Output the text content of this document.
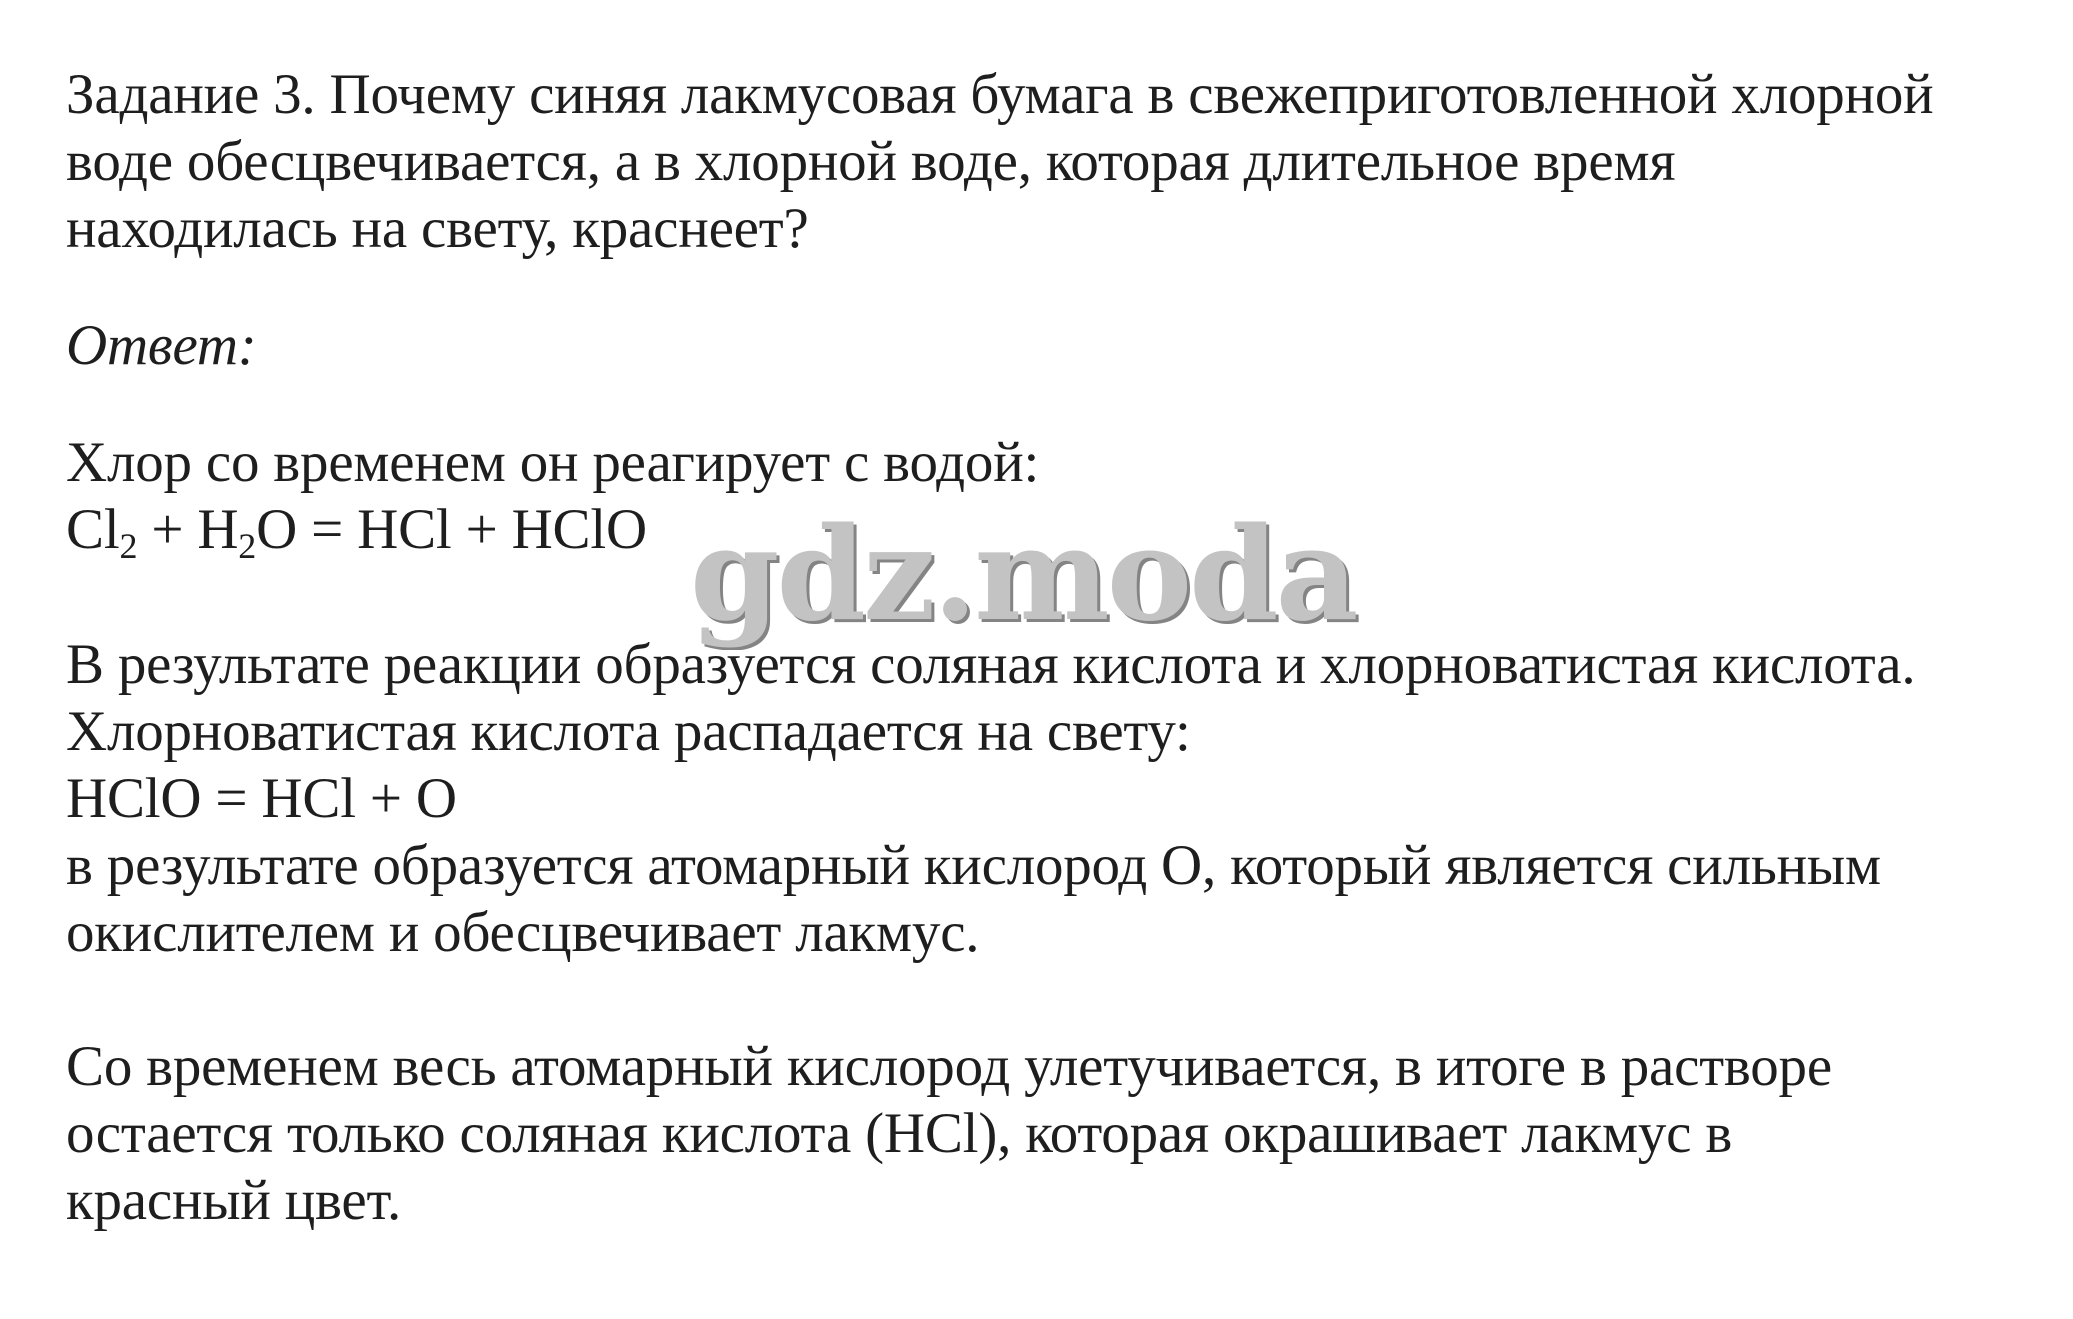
Задание 3. Почему синяя лакмусовая бумага в свежеприготовленной хлорной
воде обесцвечивается, а в хлорной воде, которая длительное время
находилась на свету, краснеет?
Ответ:
Хлор со временем он реагирует с водой:
$Cl_2 + H_2O$ = HCl + HClO gdz.moda
В результате реакции образуется соляная кислота и хлорноватистая кислота.
Хлорноватистая кислота распадается на свету:
HClO = HCl + O
в результате образуется атомарный кислород O, который является сильным
окислителем и обесцвечивает лакмус.
Со временем весь атомарный кислород улетучивается, в итоге в растворе
остается только соляная кислота (HCl), которая окрашивает лакмус в
красный цвет.
